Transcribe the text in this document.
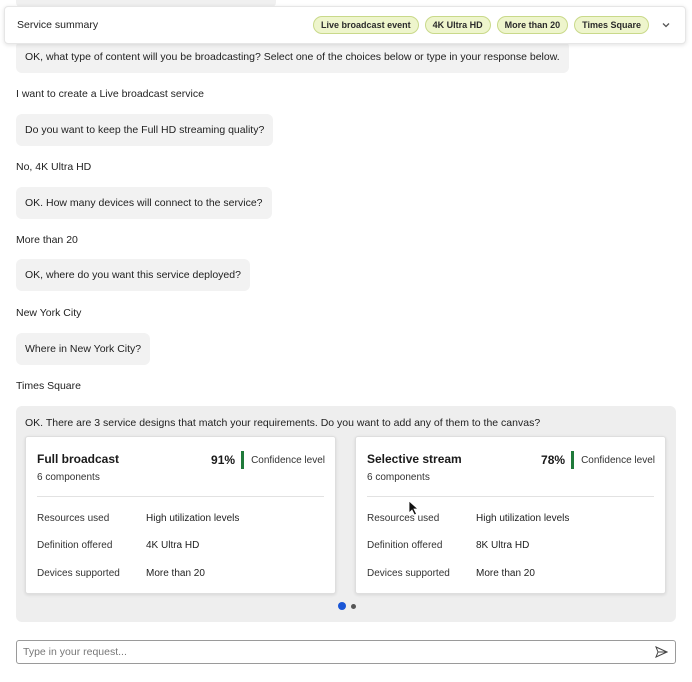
Service summary	Live broadcast event	4K Ultra HD	More than 20	Times Square
OK, what type of content will you be broadcasting? Select one of the choices below or type in your response below.
I want to create a Live broadcast service
Do you want to keep the Full HD streaming quality?
No, 4K Ultra HD
OK. How many devices will connect to the service?
More than 20
OK, where do you want this service deployed?
New York City
Where in New York City?
Times Square
OK. There are 3 service designs that match your requirements. Do you want to add any of them to the canvas?
Full broadcast
6 components
91% Confidence level
Resources used	High utilization levels
Definition offered	4K Ultra HD
Devices supported	More than 20
Selective stream
6 components
78% Confidence level
Resources used	High utilization levels
Definition offered	8K Ultra HD
Devices supported	More than 20
Type in your request...
